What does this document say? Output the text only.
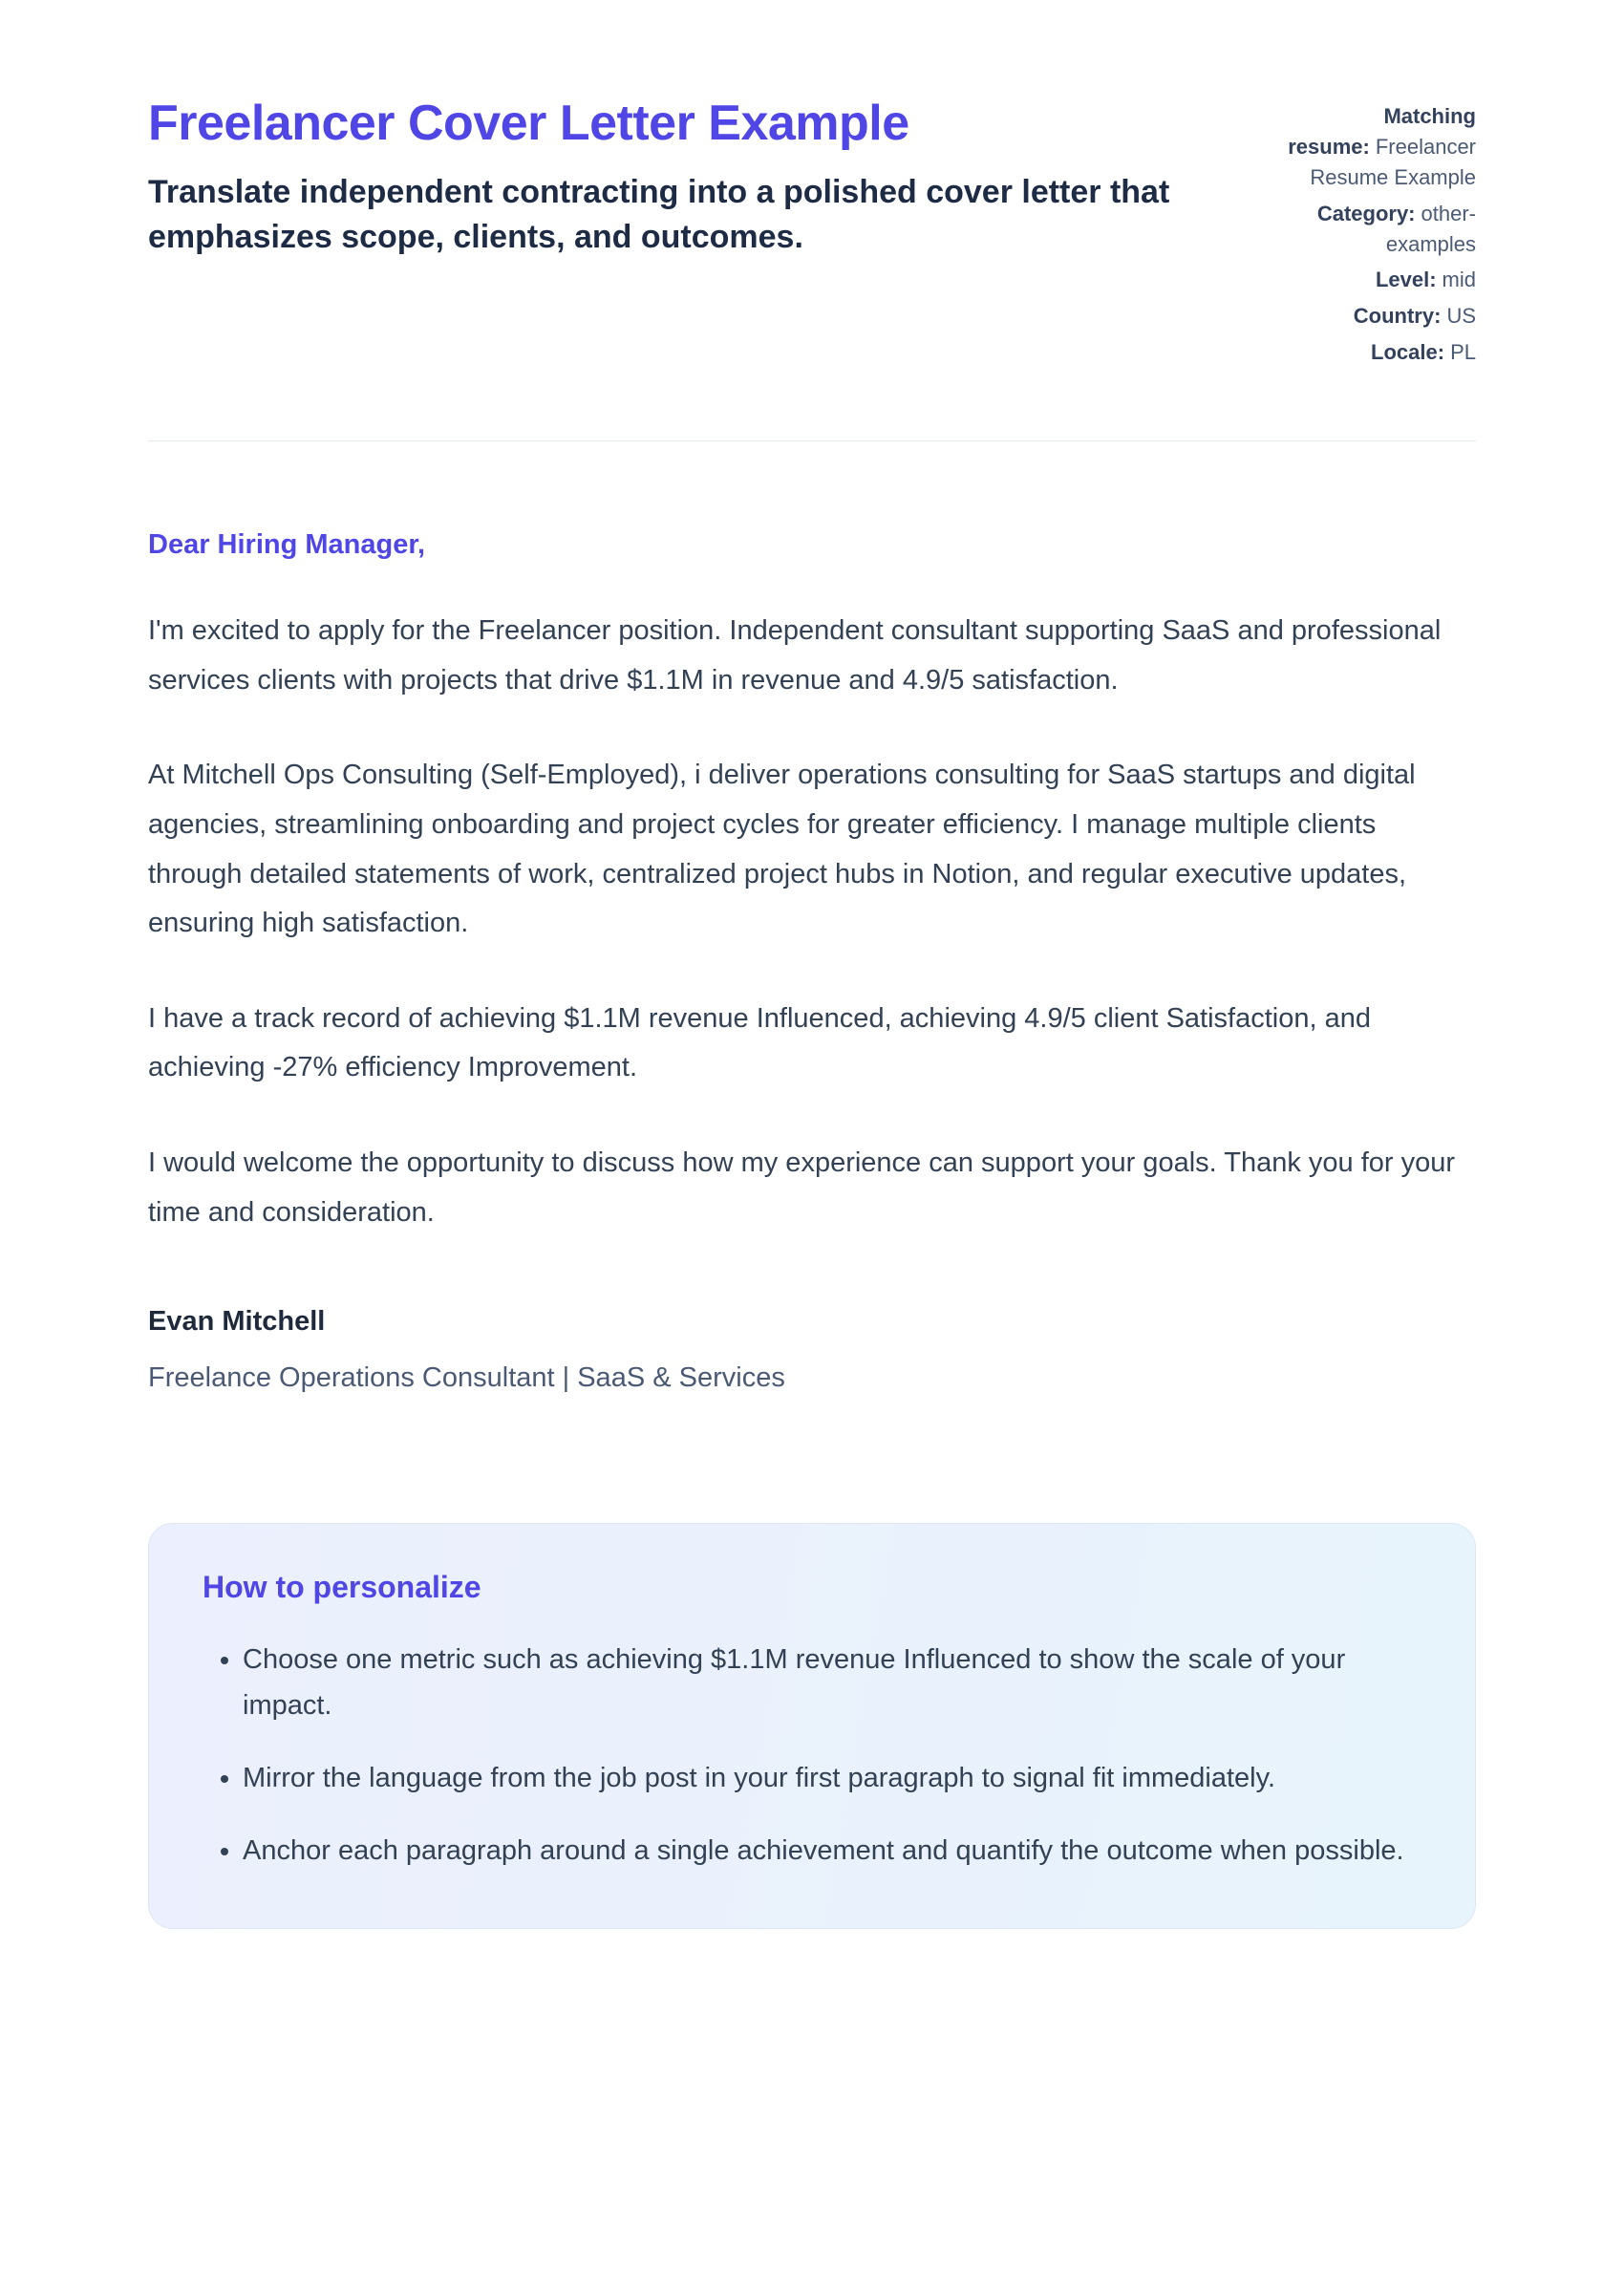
Freelancer Cover Letter Example

Translate independent contracting into a polished cover letter that emphasizes scope, clients, and outcomes.

Matching resume: Freelancer Resume Example
Category: other-examples
Level: mid
Country: US
Locale: PL

Dear Hiring Manager,

I'm excited to apply for the Freelancer position. Independent consultant supporting SaaS and professional services clients with projects that drive $1.1M in revenue and 4.9/5 satisfaction.

At Mitchell Ops Consulting (Self-Employed), i deliver operations consulting for SaaS startups and digital agencies, streamlining onboarding and project cycles for greater efficiency. I manage multiple clients through detailed statements of work, centralized project hubs in Notion, and regular executive updates, ensuring high satisfaction.

I have a track record of achieving $1.1M revenue Influenced, achieving 4.9/5 client Satisfaction, and achieving -27% efficiency Improvement.

I would welcome the opportunity to discuss how my experience can support your goals. Thank you for your time and consideration.

Evan Mitchell

Freelance Operations Consultant | SaaS & Services

How to personalize
• Choose one metric such as achieving $1.1M revenue Influenced to show the scale of your impact.
• Mirror the language from the job post in your first paragraph to signal fit immediately.
• Anchor each paragraph around a single achievement and quantify the outcome when possible.
